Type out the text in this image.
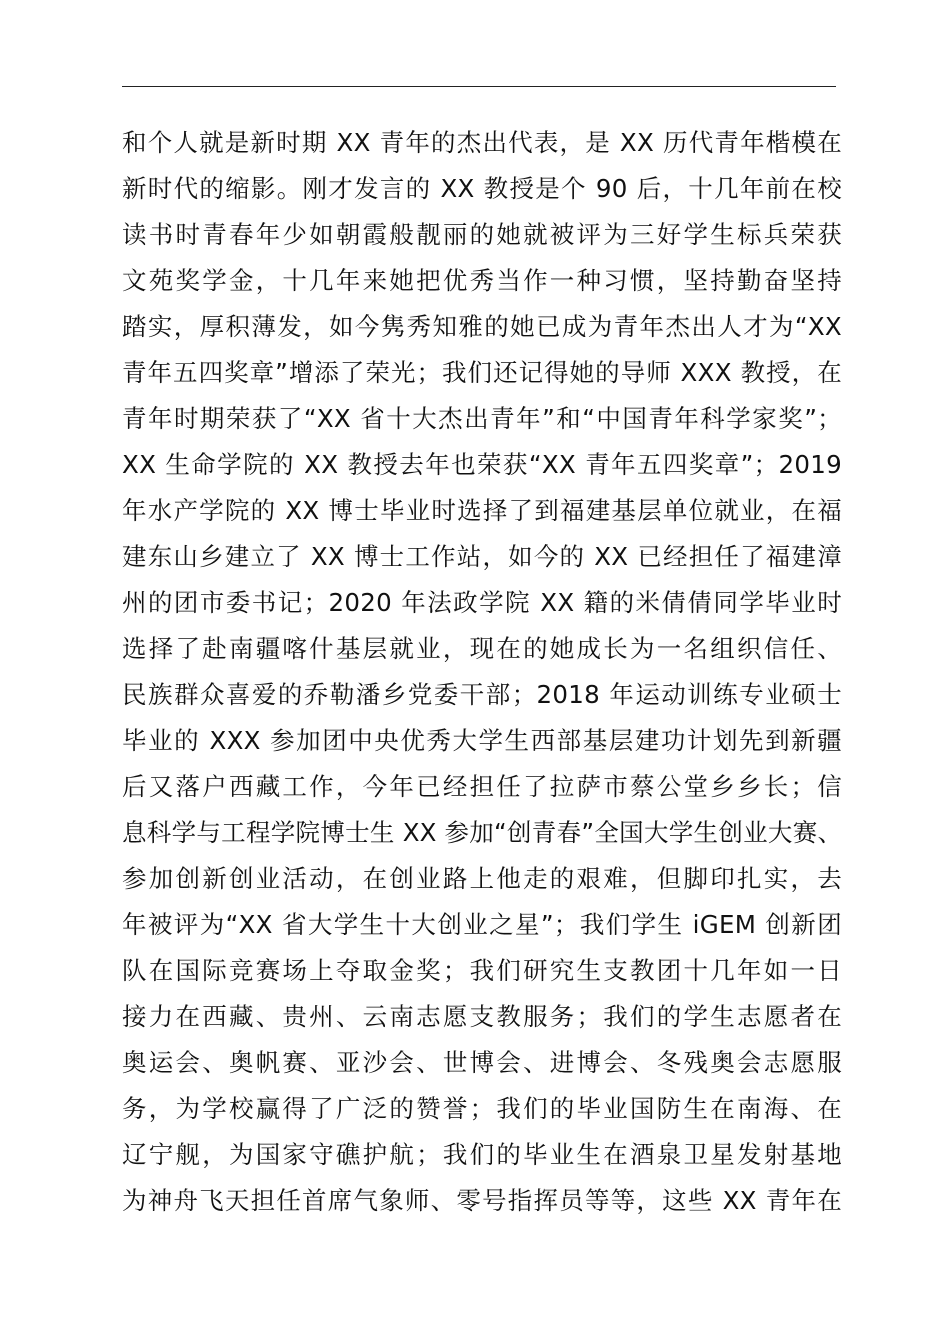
和个人就是新时期 XX 青年的杰出代表，是 XX 历代青年楷模在
新时代的缩影。刚才发言的 XX 教授是个 90 后，十几年前在校
读书时青春年少如朝霞般靓丽的她就被评为三好学生标兵荣获
文苑奖学金，十几年来她把优秀当作一种习惯，坚持勤奋坚持
踏实，厚积薄发，如今隽秀知雅的她已成为青年杰出人才为“XX
青年五四奖章”增添了荣光；我们还记得她的导师 XXX 教授，在
青年时期荣获了“XX 省十大杰出青年”和“中国青年科学家奖”；
XX 生命学院的 XX 教授去年也荣获“XX 青年五四奖章”；2019
年水产学院的 XX 博士毕业时选择了到福建基层单位就业，在福
建东山乡建立了 XX 博士工作站，如今的 XX 已经担任了福建漳
州的团市委书记；2020 年法政学院 XX 籍的米倩倩同学毕业时
选择了赴南疆喀什基层就业，现在的她成长为一名组织信任、
民族群众喜爱的乔勒潘乡党委干部；2018 年运动训练专业硕士
毕业的 XXX 参加团中央优秀大学生西部基层建功计划先到新疆
后又落户西藏工作，今年已经担任了拉萨市蔡公堂乡乡长；信
息科学与工程学院博士生 XX 参加“创青春”全国大学生创业大赛、
参加创新创业活动，在创业路上他走的艰难，但脚印扎实，去
年被评为“XX 省大学生十大创业之星”；我们学生 iGEM 创新团
队在国际竞赛场上夺取金奖；我们研究生支教团十几年如一日
接力在西藏、贵州、云南志愿支教服务；我们的学生志愿者在
奥运会、奥帆赛、亚沙会、世博会、进博会、冬残奥会志愿服
务，为学校赢得了广泛的赞誉；我们的毕业国防生在南海、在
辽宁舰，为国家守礁护航；我们的毕业生在酒泉卫星发射基地
为神舟飞天担任首席气象师、零号指挥员等等，这些 XX 青年在
